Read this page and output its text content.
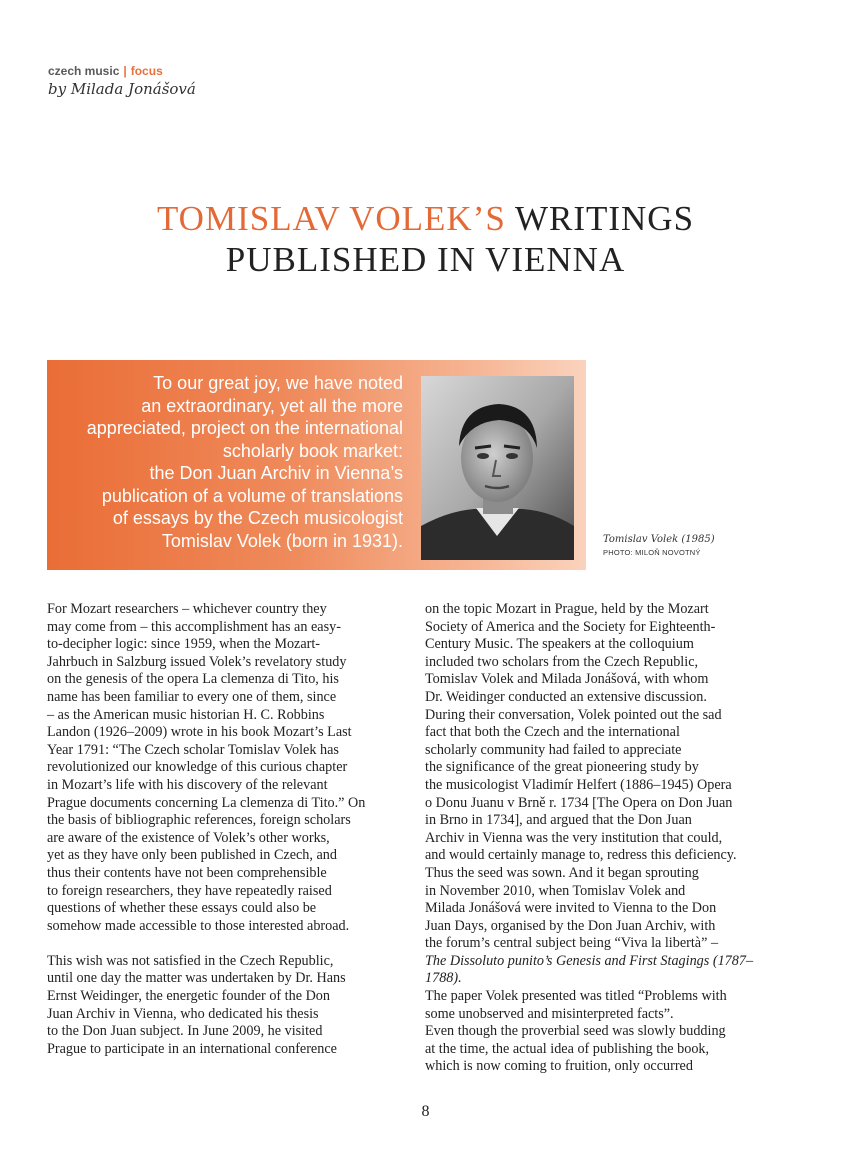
czech music | focus
by Milada Jonášová
TOMISLAV VOLEK’S WRITINGS
PUBLISHED IN VIENNA
To our great joy, we have noted
an extraordinary, yet all the more
appreciated, project on the international
scholarly book market:
the Don Juan Archiv in Vienna’s
publication of a volume of translations
of essays by the Czech musicologist
Tomislav Volek (born in 1931).	Tomislav Volek (1985)
PHOTO: MILOŇ NOVOTNÝ

For Mozart researchers – whichever country they

may come from – this accomplishment has an easy-

to-decipher logic: since 1959, when the Mozart-

Jahrbuch in Salzburg issued Volek’s revelatory study

on the genesis of the opera La clemenza di Tito, his

name has been familiar to every one of them, since

– as the American music historian H. C. Robbins

Landon (1926–2009) wrote in his book Mozart’s Last

Year 1791: “The Czech scholar Tomislav Volek has

revolutionized our knowledge of this curious chapter

in Mozart’s life with his discovery of the relevant

Prague documents concerning La clemenza di Tito.” On

the basis of bibliographic references, foreign scholars

are aware of the existence of Volek’s other works,

yet as they have only been published in Czech, and

thus their contents have not been comprehensible

to foreign researchers, they have repeatedly raised

questions of whether these essays could also be

somehow made accessible to those interested abroad.

This wish was not satisfied in the Czech Republic,

until one day the matter was undertaken by Dr. Hans

Ernst Weidinger, the energetic founder of the Don

Juan Archiv in Vienna, who dedicated his thesis

to the Don Juan subject. In June 2009, he visited

Prague to participate in an international conference

on the topic Mozart in Prague, held by the Mozart

Society of America and the Society for Eighteenth-

Century Music. The speakers at the colloquium

included two scholars from the Czech Republic,

Tomislav Volek and Milada Jonášová, with whom

Dr. Weidinger conducted an extensive discussion.

During their conversation, Volek pointed out the sad

fact that both the Czech and the international

scholarly community had failed to appreciate

the significance of the great pioneering study by

the musicologist Vladimír Helfert (1886–1945) Opera

o Donu Juanu v Brně r. 1734 [The Opera on Don Juan

in Brno in 1734], and argued that the Don Juan

Archiv in Vienna was the very institution that could,

and would certainly manage to, redress this deficiency.

Thus the seed was sown. And it began sprouting

in November 2010, when Tomislav Volek and

Milada Jonášová were invited to Vienna to the Don

Juan Days, organised by the Don Juan Archiv, with

the forum’s central subject being “Viva la libertà” –

The Dissoluto punito’s Genesis and First Stagings (1787–1788).

The paper Volek presented was titled “Problems with

some unobserved and misinterpreted facts”.

Even though the proverbial seed was slowly budding

at the time, the actual idea of publishing the book,

which is now coming to fruition, only occurred

8
